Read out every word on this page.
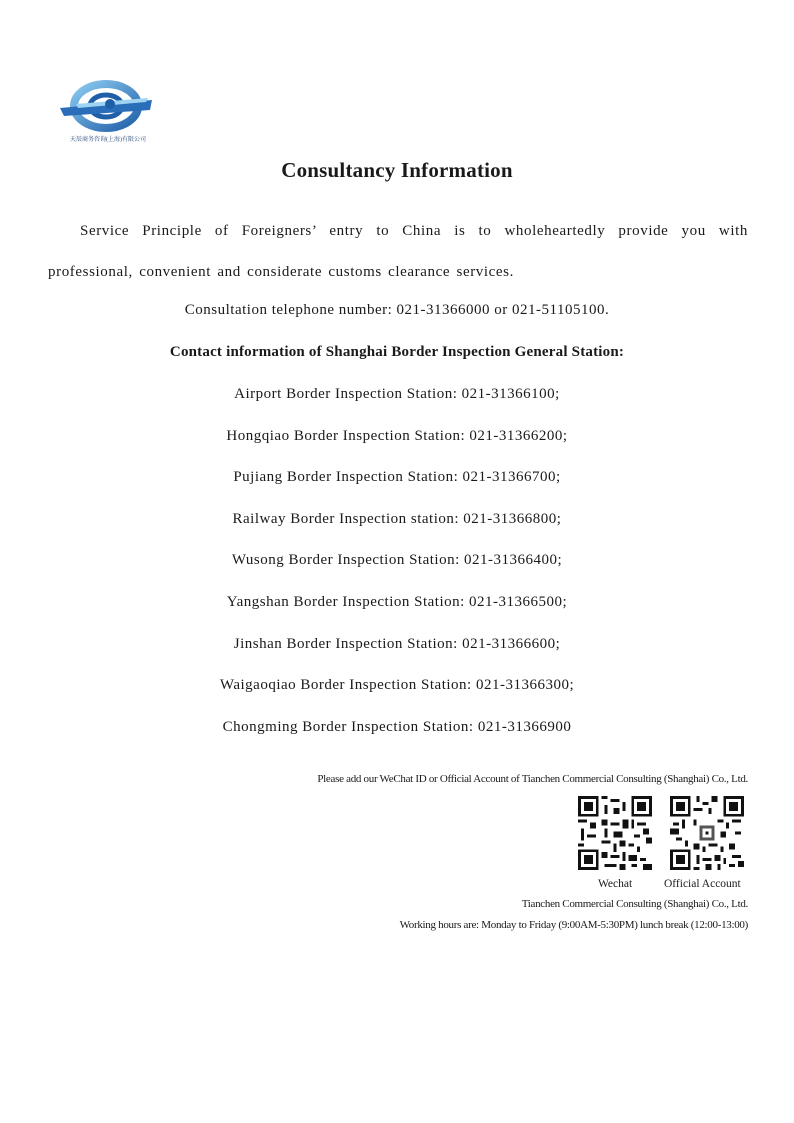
天辰商务咨询(上海)有限公司
Consultancy Information
Service Principle of Foreigners’ entry to China is to wholeheartedly provide you with professional, convenient and considerate customs clearance services.
Consultation telephone number: 021-31366000 or 021-51105100.
Contact information of Shanghai Border Inspection General Station:
Airport Border Inspection Station: 021-31366100;
Hongqiao Border Inspection Station: 021-31366200;
Pujiang Border Inspection Station: 021-31366700;
Railway Border Inspection station: 021-31366800;
Wusong Border Inspection Station: 021-31366400;
Yangshan Border Inspection Station: 021-31366500;
Jinshan Border Inspection Station: 021-31366600;
Waigaoqiao Border Inspection Station: 021-31366300;
Chongming Border Inspection Station: 021-31366900
Please add our WeChat ID or Official Account of Tianchen Commercial Consulting (Shanghai) Co., Ltd.
Wechat	Official Account
Tianchen Commercial Consulting (Shanghai) Co., Ltd.
Working hours are: Monday to Friday (9:00AM-5:30PM) lunch break (12:00-13:00)
